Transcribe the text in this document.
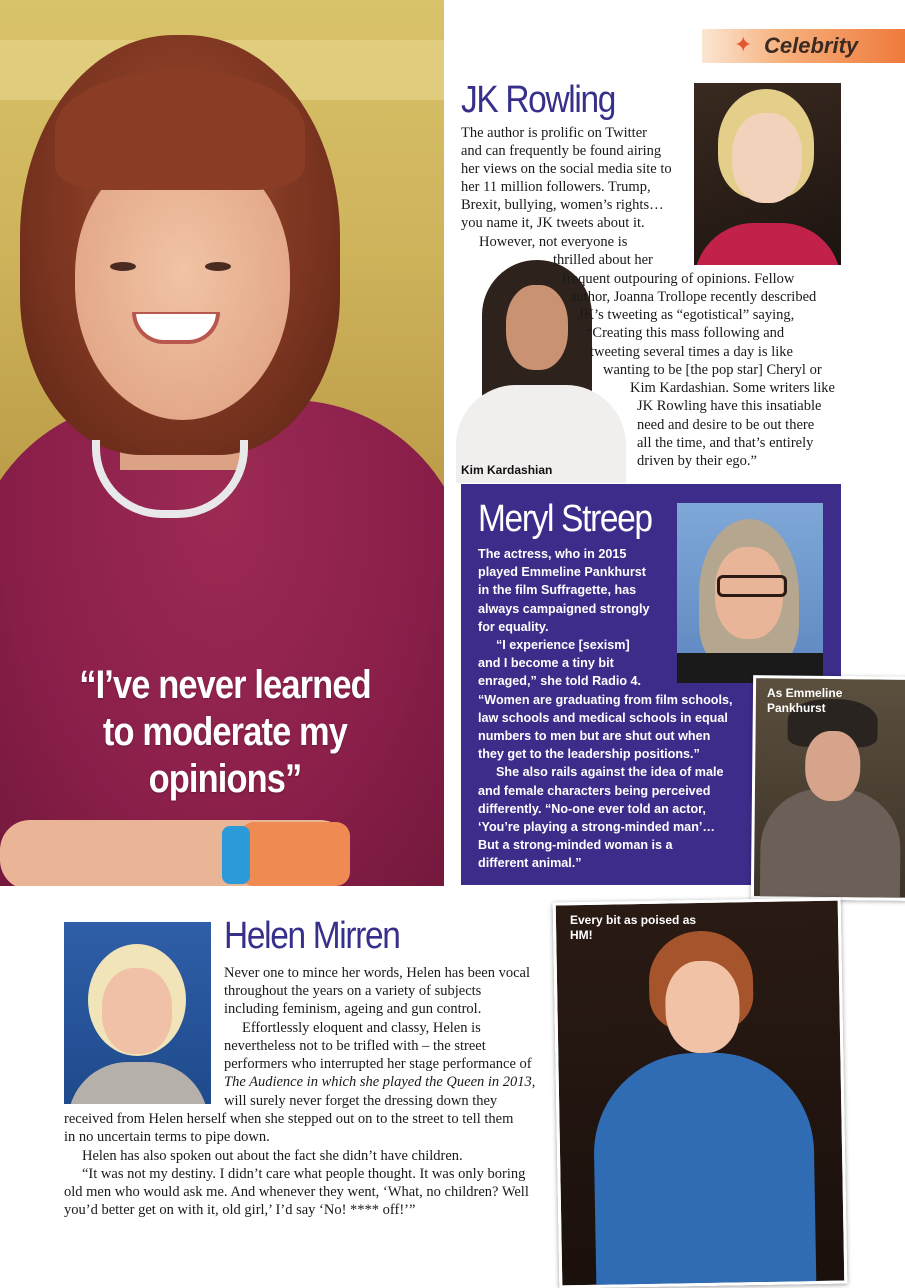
“I’ve never learned to moderate my opinions”
✦ Celebrity
JK Rowling
Kim Kardashian

The author is prolific on Twitter

and can frequently be found airing

her views on the social media site to

her 11 million followers. Trump,

Brexit, bullying, women’s rights…

you name it, JK tweets about it.

However, not everyone is

thrilled about her

frequent outpouring of opinions. Fellow

author, Joanna Trollope recently described

JK’s tweeting as “egotistical” saying,

“Creating this mass following and

tweeting several times a day is like

wanting to be [the pop star] Cheryl or

Kim Kardashian. Some writers like

JK Rowling have this insatiable

need and desire to be out there

all the time, and that’s entirely

driven by their ego.”

Meryl Streep

The actress, who in 2015

played Emmeline Pankhurst

in the film Suffragette, has

always campaigned strongly

for equality.

“I experience [sexism]

and I become a tiny bit

enraged,” she told Radio 4.

“Women are graduating from film schools,

law schools and medical schools in equal

numbers to men but are shut out when

they get to the leadership positions.”

She also rails against the idea of male

and female characters being perceived

differently. “No-one ever told an actor,

‘You’re playing a strong-minded man’…

But a strong-minded woman is a

different animal.”

As Emmeline Pankhurst
Helen Mirren	Every bit as poised as HM!

Never one to mince her words, Helen has been vocal

throughout the years on a variety of subjects

including feminism, ageing and gun control.

Effortlessly eloquent and classy, Helen is

nevertheless not to be trifled with – the street

performers who interrupted her stage performance of

The Audience in which she played the Queen in 2013,

will surely never forget the dressing down they

received from Helen herself when she stepped out on to the street to tell them

in no uncertain terms to pipe down.

Helen has also spoken out about the fact she didn’t have children.

“It was not my destiny. I didn’t care what people thought. It was only boring

old men who would ask me. And whenever they went, ‘What, no children? Well

you’d better get on with it, old girl,’ I’d say ‘No! **** off!’”
